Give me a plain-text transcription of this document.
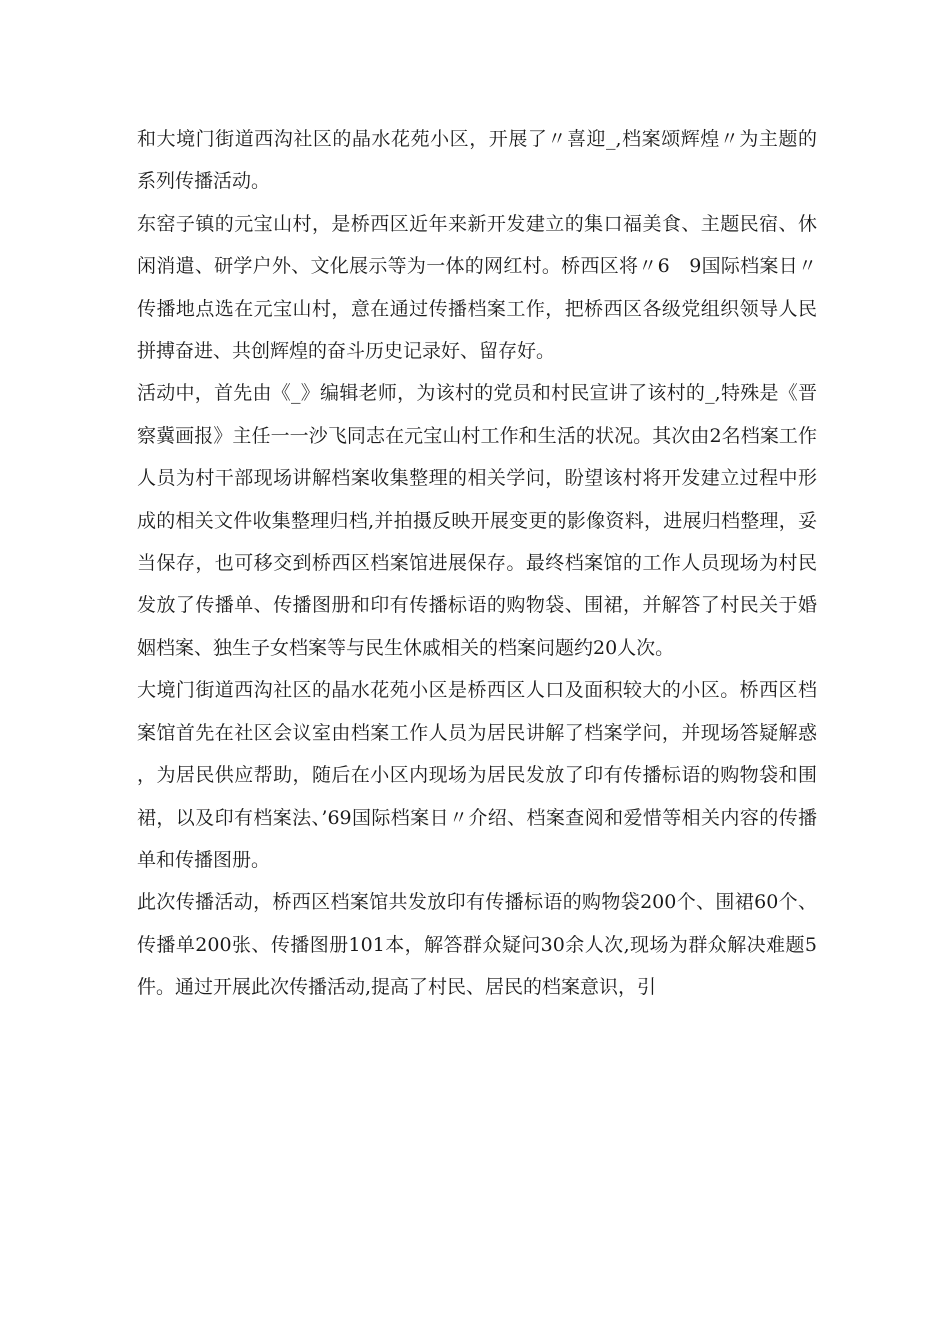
和大境门街道西沟社区的晶水花苑小区，开展了〃喜迎_,档案颂辉煌〃为主题的系列传播活动。

东窑子镇的元宝山村，是桥西区近年来新开发建立的集口福美食、主题民宿、休闲消遣、研学户外、文化展示等为一体的网红村。桥西区将〃6　9国际档案日〃传播地点选在元宝山村，意在通过传播档案工作，把桥西区各级党组织领导人民拼搏奋进、共创辉煌的奋斗历史记录好、留存好。

活动中，首先由《_》编辑老师，为该村的党员和村民宣讲了该村的_,特殊是《晋察冀画报》主任一一沙飞同志在元宝山村工作和生活的状况。其次由2名档案工作人员为村干部现场讲解档案收集整理的相关学问，盼望该村将开发建立过程中形成的相关文件收集整理归档,并拍摄反映开展变更的影像资料，进展归档整理，妥当保存，也可移交到桥西区档案馆进展保存。最终档案馆的工作人员现场为村民发放了传播单、传播图册和印有传播标语的购物袋、围裙，并解答了村民关于婚姻档案、独生子女档案等与民生休戚相关的档案问题约20人次。

大境门街道西沟社区的晶水花苑小区是桥西区人口及面积较大的小区。桥西区档案馆首先在社区会议室由档案工作人员为居民讲解了档案学问，并现场答疑解惑，为居民供应帮助，随后在小区内现场为居民发放了印有传播标语的购物袋和围裙，以及印有档案法、’69国际档案日〃介绍、档案查阅和爱惜等相关内容的传播单和传播图册。

此次传播活动，桥西区档案馆共发放印有传播标语的购物袋200个、围裙60个、传播单200张、传播图册101本，解答群众疑问30余人次,现场为群众解决难题5件。通过开展此次传播活动,提高了村民、居民的档案意识，引
